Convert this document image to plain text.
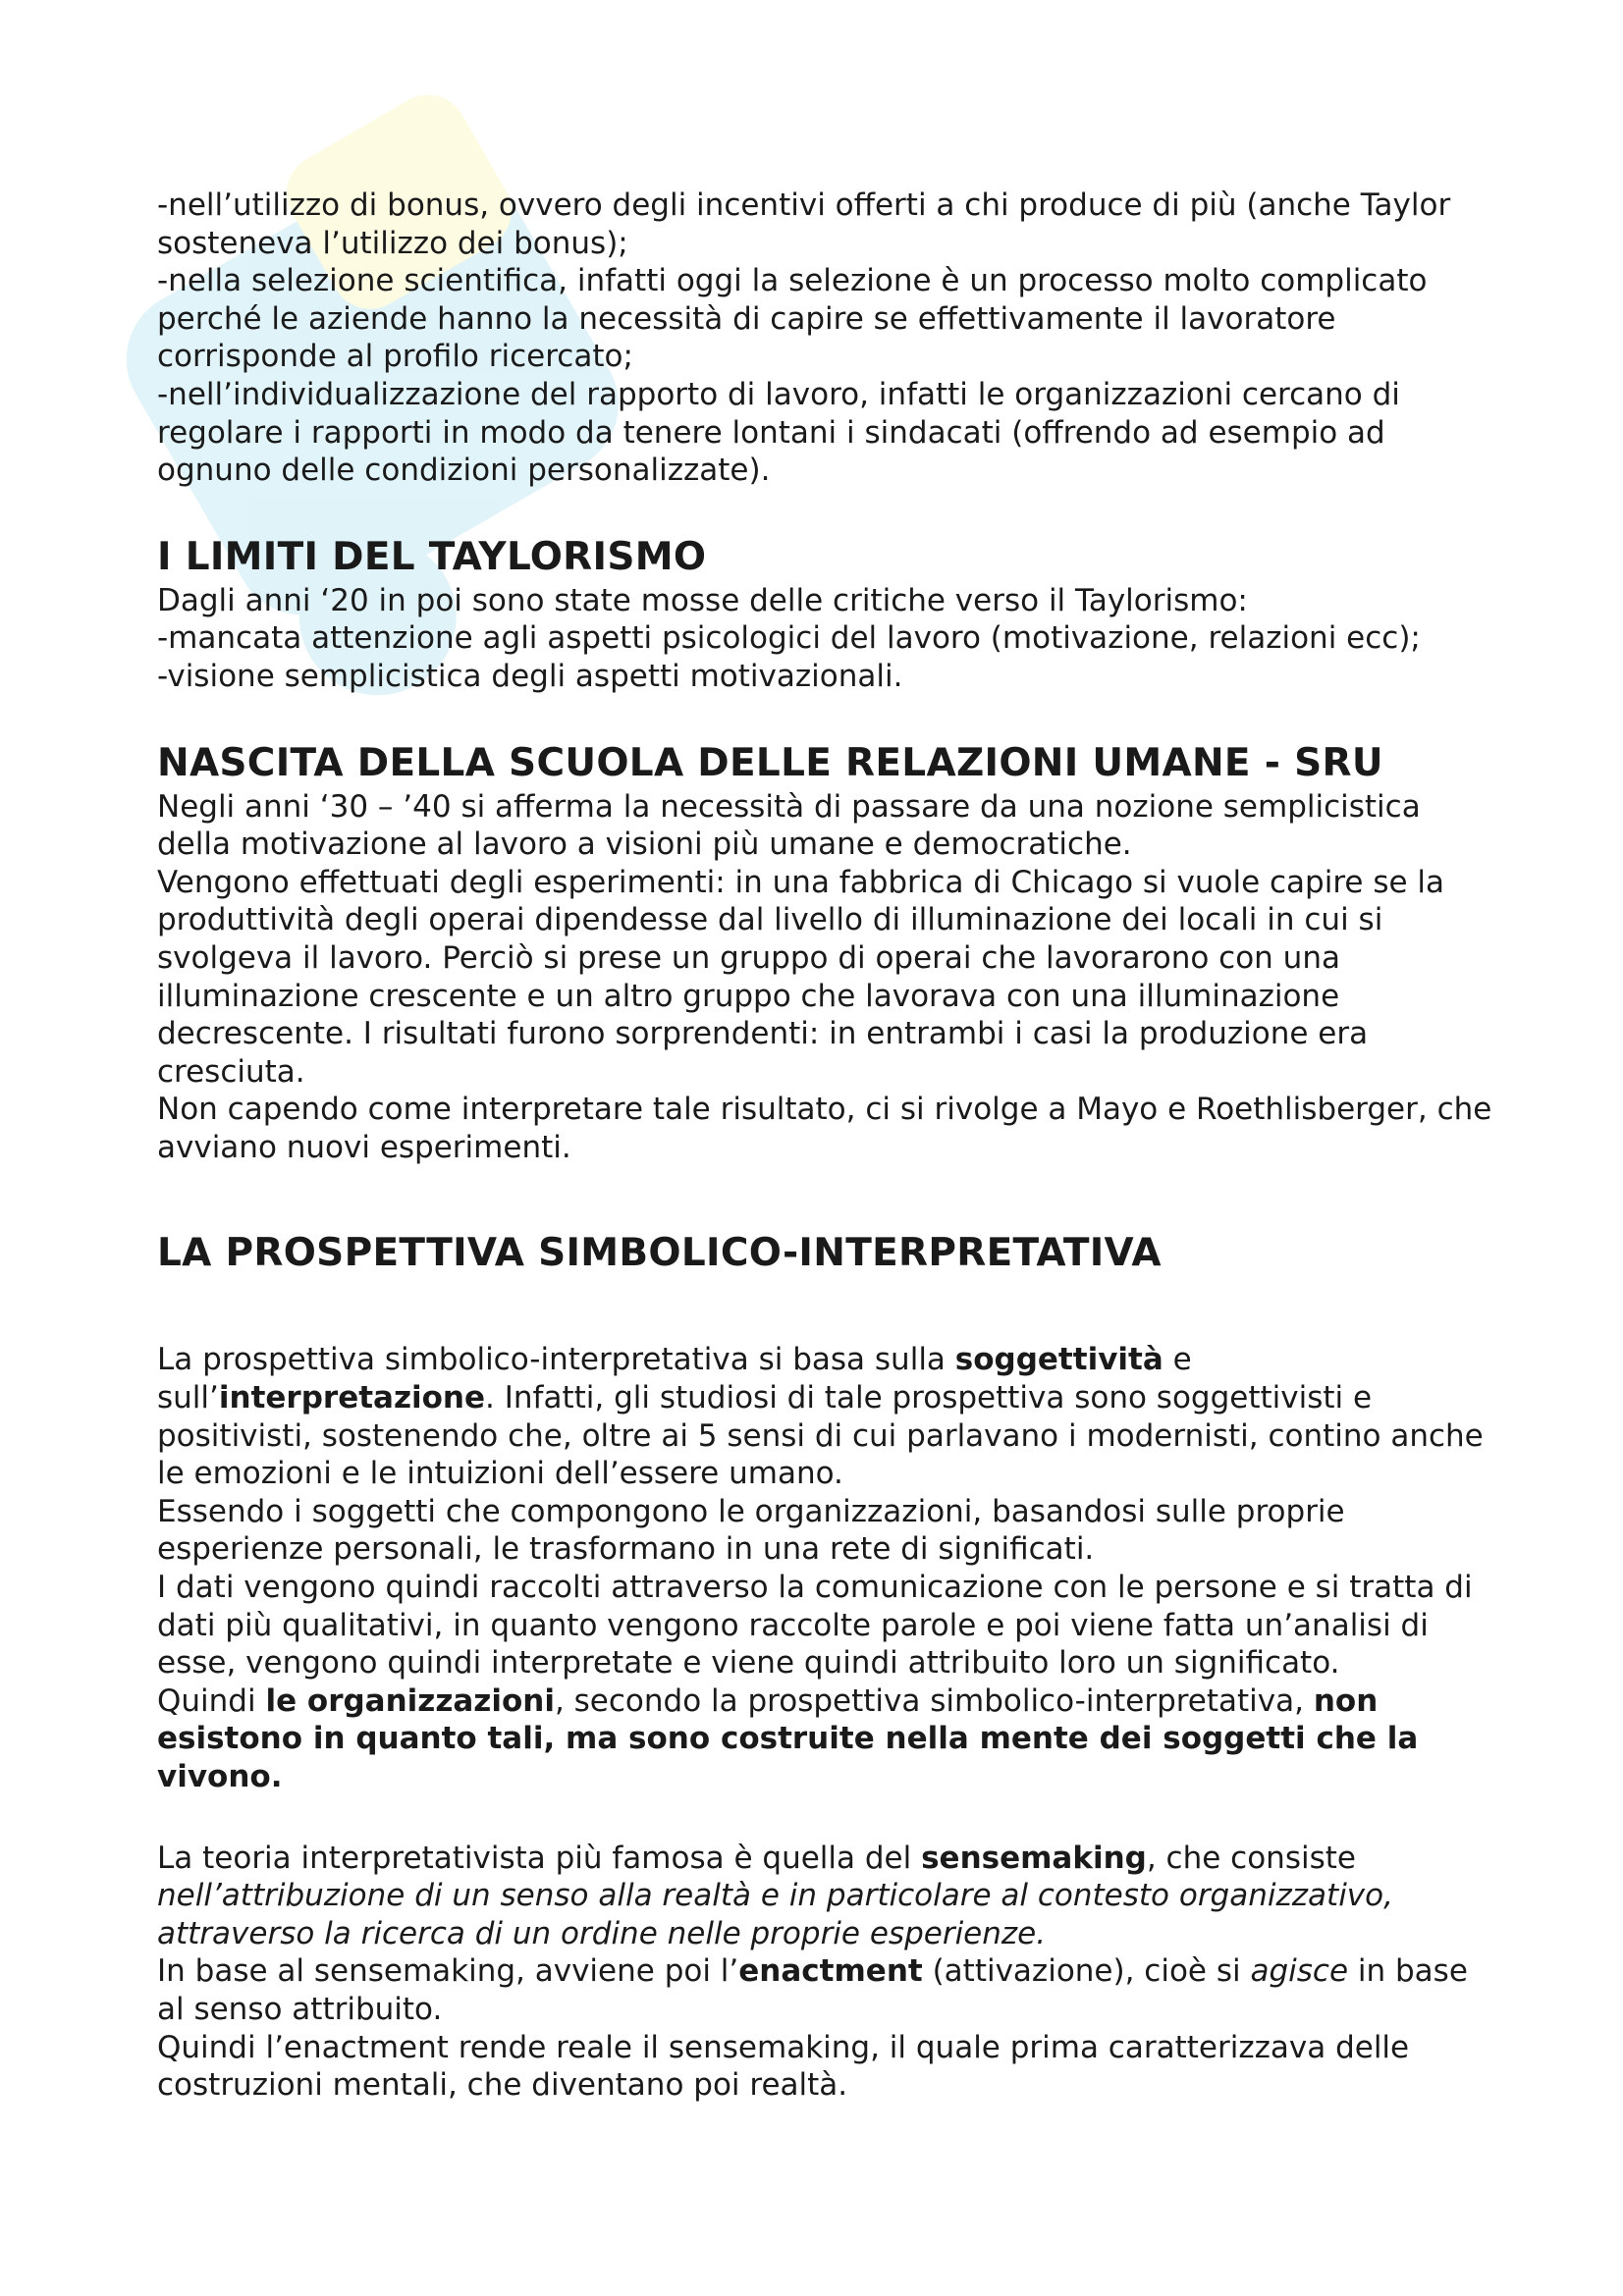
-nell’utilizzo di bonus, ovvero degli incentivi offerti a chi produce di più (anche Taylor sosteneva l’utilizzo dei bonus);

-nella selezione scientifica, infatti oggi la selezione è un processo molto complicato perché le aziende hanno la necessità di capire se effettivamente il lavoratore corrisponde al profilo ricercato;

-nell’individualizzazione del rapporto di lavoro, infatti le organizzazioni cercano di regolare i rapporti in modo da tenere lontani i sindacati (offrendo ad esempio ad ognuno delle condizioni personalizzate).

I LIMITI DEL TAYLORISMO

Dagli anni ‘20 in poi sono state mosse delle critiche verso il Taylorismo:

-mancata attenzione agli aspetti psicologici del lavoro (motivazione, relazioni ecc);

-visione semplicistica degli aspetti motivazionali.

NASCITA DELLA SCUOLA DELLE RELAZIONI UMANE - SRU

Negli anni ‘30 – ’40 si afferma la necessità di passare da una nozione semplicistica della motivazione al lavoro a visioni più umane e democratiche.

Vengono effettuati degli esperimenti: in una fabbrica di Chicago si vuole capire se la produttività degli operai dipendesse dal livello di illuminazione dei locali in cui si svolgeva il lavoro. Perciò si prese un gruppo di operai che lavorarono con una illuminazione crescente e un altro gruppo che lavorava con una illuminazione decrescente. I risultati furono sorprendenti: in entrambi i casi la produzione era cresciuta.

Non capendo come interpretare tale risultato, ci si rivolge a Mayo e Roethlisberger, che avviano nuovi esperimenti.

LA PROSPETTIVA SIMBOLICO-INTERPRETATIVA

La prospettiva simbolico-interpretativa si basa sulla soggettività e sull’interpretazione. Infatti, gli studiosi di tale prospettiva sono soggettivisti e positivisti, sostenendo che, oltre ai 5 sensi di cui parlavano i modernisti, contino anche le emozioni e le intuizioni dell’essere umano.

Essendo i soggetti che compongono le organizzazioni, basandosi sulle proprie esperienze personali, le trasformano in una rete di significati.

I dati vengono quindi raccolti attraverso la comunicazione con le persone e si tratta di dati più qualitativi, in quanto vengono raccolte parole e poi viene fatta un’analisi di esse, vengono quindi interpretate e viene quindi attribuito loro un significato.

Quindi le organizzazioni, secondo la prospettiva simbolico-interpretativa, non esistono in quanto tali, ma sono costruite nella mente dei soggetti che la vivono.

La teoria interpretativista più famosa è quella del sensemaking, che consiste nell’attribuzione di un senso alla realtà e in particolare al contesto organizzativo, attraverso la ricerca di un ordine nelle proprie esperienze.

In base al sensemaking, avviene poi l’enactment (attivazione), cioè si agisce in base al senso attribuito.

Quindi l’enactment rende reale il sensemaking, il quale prima caratterizzava delle costruzioni mentali, che diventano poi realtà.
